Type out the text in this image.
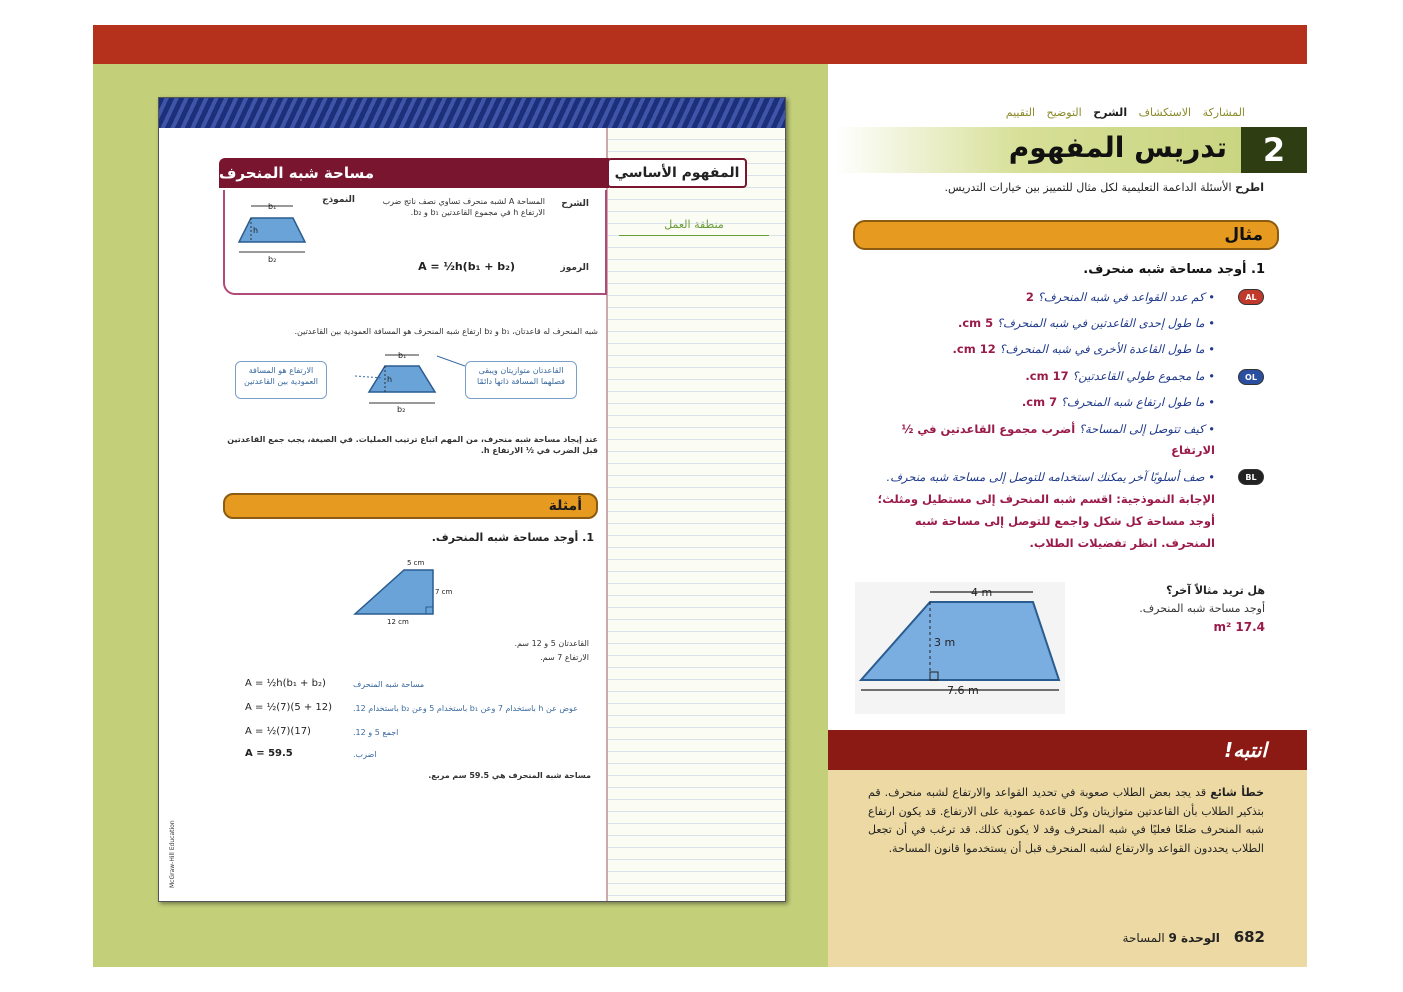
منطقة العمل
مساحة شبه المنحرف	المفهوم الأساسي
الشرح
المساحة A لشبه منحرف تساوي نصف ناتج ضرب الارتفاع h في مجموع القاعدتين b₁ و b₂.
النموذج
b₁
b₂
h
الرموز
A = ½h(b₁ + b₂)
شبه المنحرف له قاعدتان، b₁ و b₂ ارتفاع شبه المنحرف هو المسافة العمودية بين القاعدتين.
القاعدتان متوازيتان ويبقى فصلهما المسافة ذاتها دائمًا
الارتفاع هو المسافة العمودية بين القاعدتين
b₁
b₂
h
عند إيجاد مساحة شبه منحرف، من المهم اتباع ترتيب العمليات. في الصيغة، يجب جمع القاعدتين قبل الضرب في ½ الارتفاع h.
أمثلة
1. أوجد مساحة شبه المنحرف.
5 cm
7 cm
12 cm
القاعدتان 5 و 12 سم.
الارتفاع 7 سم.
A = ½h(b₁ + b₂)	مساحة شبه المنحرف
A = ½(7)(5 + 12)	عوض عن h باستخدام 7 وعن b₁ باستخدام 5 وعن b₂ باستخدام 12.
A = ½(7)(17)	اجمع 5 و 12.
A = 59.5	اضرب.
مساحة شبه المنحرف هي 59.5 سم مربع.
McGraw-Hill Education
المشاركة الاستكشاف الشرح التوضيح التقييم
2
تدريس المفهوم
اطرح الأسئلة الداعمة التعليمية لكل مثال للتمييز بين خيارات التدريس.
مثال
1. أوجد مساحة شبه منحرف.
AL
OL
BL
• كم عدد القواعد في شبه المنحرف؟ 2
• ما طول إحدى القاعدتين في شبه المنحرف؟ 5 cm.
• ما طول القاعدة الأخرى في شبه المنحرف؟ 12 cm.
• ما مجموع طولي القاعدتين؟ 17 cm.
• ما طول ارتفاع شبه المنحرف؟ 7 cm.
• كيف تتوصل إلى المساحة؟ أضرب مجموع القاعدتين في ½ الارتفاع
• صف أسلوبًا آخر يمكنك استخدامه للتوصل إلى مساحة شبه منحرف. الإجابة النموذجية: اقسم شبه المنحرف إلى مستطيل ومثلث؛ أوجد مساحة كل شكل واجمع للتوصل إلى مساحة شبه المنحرف. انظر تفضيلات الطلاب.
4 m
3 m
7.6 m
هل تريد مثالاً آخر؟
أوجد مساحة شبه المنحرف.
17.4 m²
انتبه!
خطأ شائع قد يجد بعض الطلاب صعوبة في تحديد القواعد والارتفاع لشبه منحرف. قم بتذكير الطلاب بأن القاعدتين متوازيتان وكل قاعدة عمودية على الارتفاع. قد يكون ارتفاع شبه المنحرف ضلعًا فعليًا في شبه المنحرف وقد لا يكون كذلك. قد ترغب في أن تجعل الطلاب يحددون القواعد والارتفاع لشبه المنحرف قبل أن يستخدموا قانون المساحة.
682 الوحدة 9 المساحة
